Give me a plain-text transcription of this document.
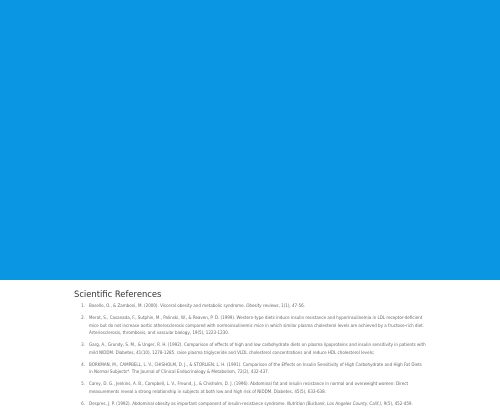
Scientific References
1. Bosello, O., & Zamboni, M. (2000). Visceral obesity and metabolic syndrome. Obesity reviews, 1(1), 47-56.
2. Merat, S., Casanada, F., Sutphin, M., Palinski, W., & Reaven, P. D. (1999). Western-type diets induce insulin resistance and hyperinsulinemia in LDL receptor-deficient mice but do not increase aortic atherosclerosis compared with normoinsulinemic mice in which similar plasma cholesterol levels are achieved by a fructose-rich diet. Arteriosclerosis, thrombosis, and vascular biology, 19(5), 1223-1230.
3. Garg, A., Grundy, S. M., & Unger, R. H. (1992). Comparison of effects of high and low carbohydrate diets on plasma lipoproteins and insulin sensitivity in patients with mild NIDDM. Diabetes, 41(10), 1278-1285. raise plasma triglyceride and VLDL cholesterol concentrations and reduce HDL cholesterol levels;
4. BORKMAN, M., CAMPBELL, L. V., CHISHOLM, D. J., & STORLIEN, L. H. (1991). Comparison of the Effects on Insulin Sensitivity of High Carbohydrate and High Fat Diets in Normal Subjects*. The Journal of Clinical Endocrinology & Metabolism, 72(2), 432-437.
5. Carey, D. G., Jenkins, A. B., Campbell, L. V., Freund, J., & Chisholm, D. J. (1996). Abdominal fat and insulin resistance in normal and overweight women: Direct measurements reveal a strong relationship in subjects at both low and high risk of NIDDM. Diabetes, 45(5), 633-638.
6. Despres, J. P. (1992). Abdominal obesity as important component of insulin-resistance syndrome. Nutrition (Burbank, Los Angeles County, Calif.), 9(5), 452-459.
